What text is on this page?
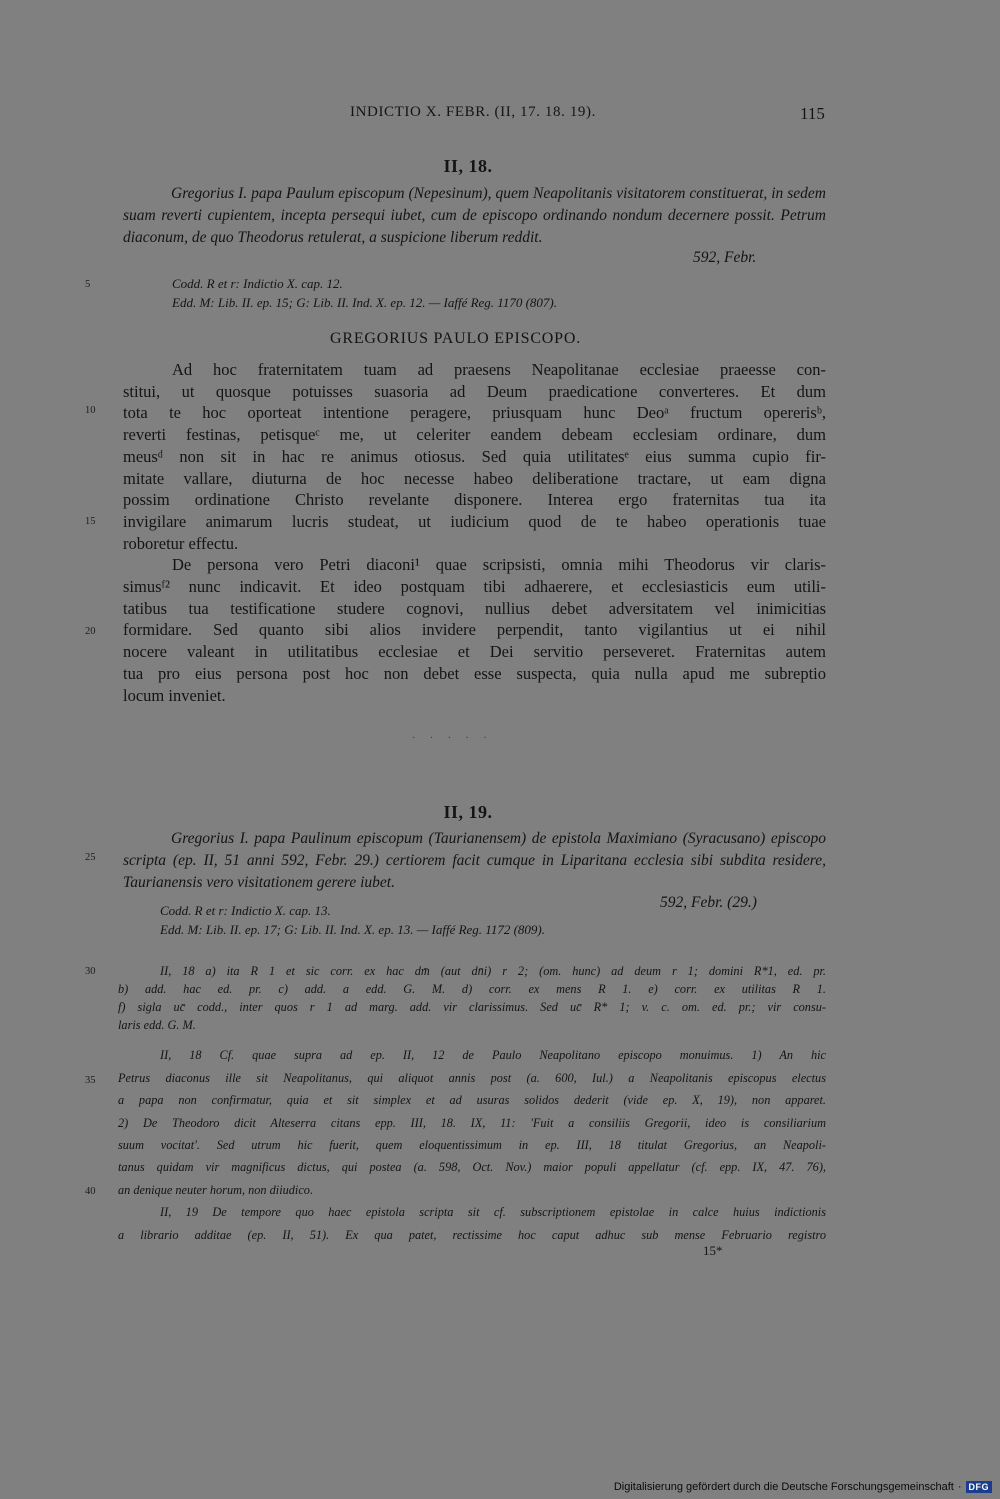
INDICTIO X. FEBR. (II, 17. 18. 19).	115
II, 18.
Gregorius I. papa Paulum episcopum (Nepesinum), quem Neapolitanis visitatorem constituerat, in sedem suam reverti cupientem, incepta persequi iubet, cum de episcopo ordinando nondum decernere possit. Petrum diaconum, de quo Theodorus retulerat, a suspicione liberum reddit.
592, Febr.
Codd. R et r: Indictio X. cap. 12.
Edd. M: Lib. II. ep. 15; G: Lib. II. Ind. X. ep. 12. — Iaffé Reg. 1170 (807).
GREGORIUS PAULO EPISCOPO.
Ad hoc fraternitatem tuam ad praesens Neapolitanae ecclesiae praeesse con-
stitui, ut quosque potuisses suasoria ad Deum praedicatione converteres. Et dum
tota te hoc oporteat intentione peragere, priusquam hunc Deoᵃ fructum opererisᵇ,
reverti festinas, petisqueᶜ me, ut celeriter eandem debeam ecclesiam ordinare, dum
meusᵈ non sit in hac re animus otiosus. Sed quia utilitatesᵉ eius summa cupio fir-
mitate vallare, diuturna de hoc necesse habeo deliberatione tractare, ut eam digna
possim ordinatione Christo revelante disponere. Interea ergo fraternitas tua ita
invigilare animarum lucris studeat, ut iudicium quod de te habeo operationis tuae
roboretur effectu.
De persona vero Petri diaconi¹ quae scripsisti, omnia mihi Theodorus vir claris-
simusᶠ² nunc indicavit. Et ideo postquam tibi adhaerere, et ecclesiasticis eum utili-
tatibus tua testificatione studere cognovi, nullius debet adversitatem vel inimicitias
formidare. Sed quanto sibi alios invidere perpendit, tanto vigilantius ut ei nihil
nocere valeant in utilitatibus ecclesiae et Dei servitio perseveret. Fraternitas autem
tua pro eius persona post hoc non debet esse suspecta, quia nulla apud me subreptio
locum inveniet.
· · · · ·
II, 19.
Gregorius I. papa Paulinum episcopum (Taurianensem) de epistola Maximiano (Syracusano) episcopo scripta (ep. II, 51 anni 592, Febr. 29.) certiorem facit cumque in Liparitana ecclesia sibi subdita residere, Taurianensis vero visitationem gerere iubet.
592, Febr. (29.)
Codd. R et r: Indictio X. cap. 13.
Edd. M: Lib. II. ep. 17; G: Lib. II. Ind. X. ep. 13. — Iaffé Reg. 1172 (809).
II, 18 a) ita R 1 et sic corr. ex hac dm̄ (aut dn̄i) r 2; (om. hunc) ad deum r 1; domini R*1, ed. pr.
b) add. hac ed. pr. c) add. a edd. G. M. d) corr. ex mens R 1. e) corr. ex utilitas R 1.
f) sigla uc̄ codd., inter quos r 1 ad marg. add. vir clarissimus. Sed uc̄ R* 1; v. c. om. ed. pr.; vir consu-
laris edd. G. M.
II, 18 Cf. quae supra ad ep. II, 12 de Paulo Neapolitano episcopo monuimus. 1) An hic
Petrus diaconus ille sit Neapolitanus, qui aliquot annis post (a. 600, Iul.) a Neapolitanis episcopus electus
a papa non confirmatur, quia et sit simplex et ad usuras solidos dederit (vide ep. X, 19), non apparet.
2) De Theodoro dicit Alteserra citans epp. III, 18. IX, 11: 'Fuit a consiliis Gregorii, ideo is consiliarium
suum vocitat'. Sed utrum hic fuerit, quem eloquentissimum in ep. III, 18 titulat Gregorius, an Neapoli-
tanus quidam vir magnificus dictus, qui postea (a. 598, Oct. Nov.) maior populi appellatur (cf. epp. IX, 47. 76),
an denique neuter horum, non diiudico.
II, 19 De tempore quo haec epistola scripta sit cf. subscriptionem epistolae in calce huius indictionis
a librario additae (ep. II, 51). Ex qua patet, rectissime hoc caput adhuc sub mense Februario registro
15*
5
10
15
20
25
30
35
40
Digitalisierung gefördert durch die Deutsche Forschungsgemeinschaft · DFG
